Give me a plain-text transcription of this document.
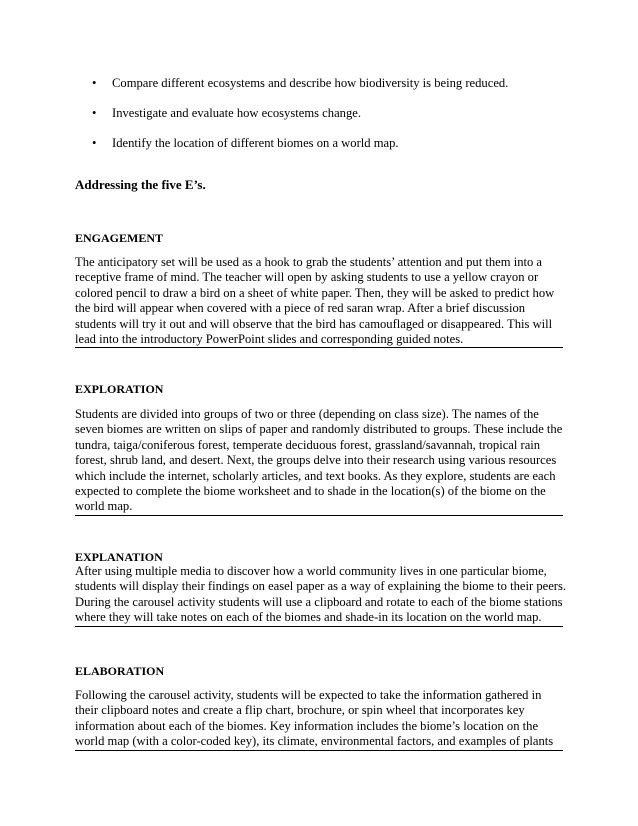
• Compare different ecosystems and describe how biodiversity is being reduced.
• Investigate and evaluate how ecosystems change.
• Identify the location of different biomes on a world map.
Addressing the five E’s.
ENGAGEMENT
The anticipatory set will be used as a hook to grab the students’ attention and put them into a
receptive frame of mind. The teacher will open by asking students to use a yellow crayon or
colored pencil to draw a bird on a sheet of white paper. Then, they will be asked to predict how
the bird will appear when covered with a piece of red saran wrap. After a brief discussion
students will try it out and will observe that the bird has camouflaged or disappeared. This will
lead into the introductory PowerPoint slides and corresponding guided notes.
EXPLORATION
Students are divided into groups of two or three (depending on class size). The names of the
seven biomes are written on slips of paper and randomly distributed to groups. These include the
tundra, taiga/coniferous forest, temperate deciduous forest, grassland/savannah, tropical rain
forest, shrub land, and desert. Next, the groups delve into their research using various resources
which include the internet, scholarly articles, and text books. As they explore, students are each
expected to complete the biome worksheet and to shade in the location(s) of the biome on the
world map.
EXPLANATION
After using multiple media to discover how a world community lives in one particular biome,
students will display their findings on easel paper as a way of explaining the biome to their peers.
During the carousel activity students will use a clipboard and rotate to each of the biome stations
where they will take notes on each of the biomes and shade-in its location on the world map.
ELABORATION
Following the carousel activity, students will be expected to take the information gathered in
their clipboard notes and create a flip chart, brochure, or spin wheel that incorporates key
information about each of the biomes. Key information includes the biome’s location on the
world map (with a color-coded key), its climate, environmental factors, and examples of plants
